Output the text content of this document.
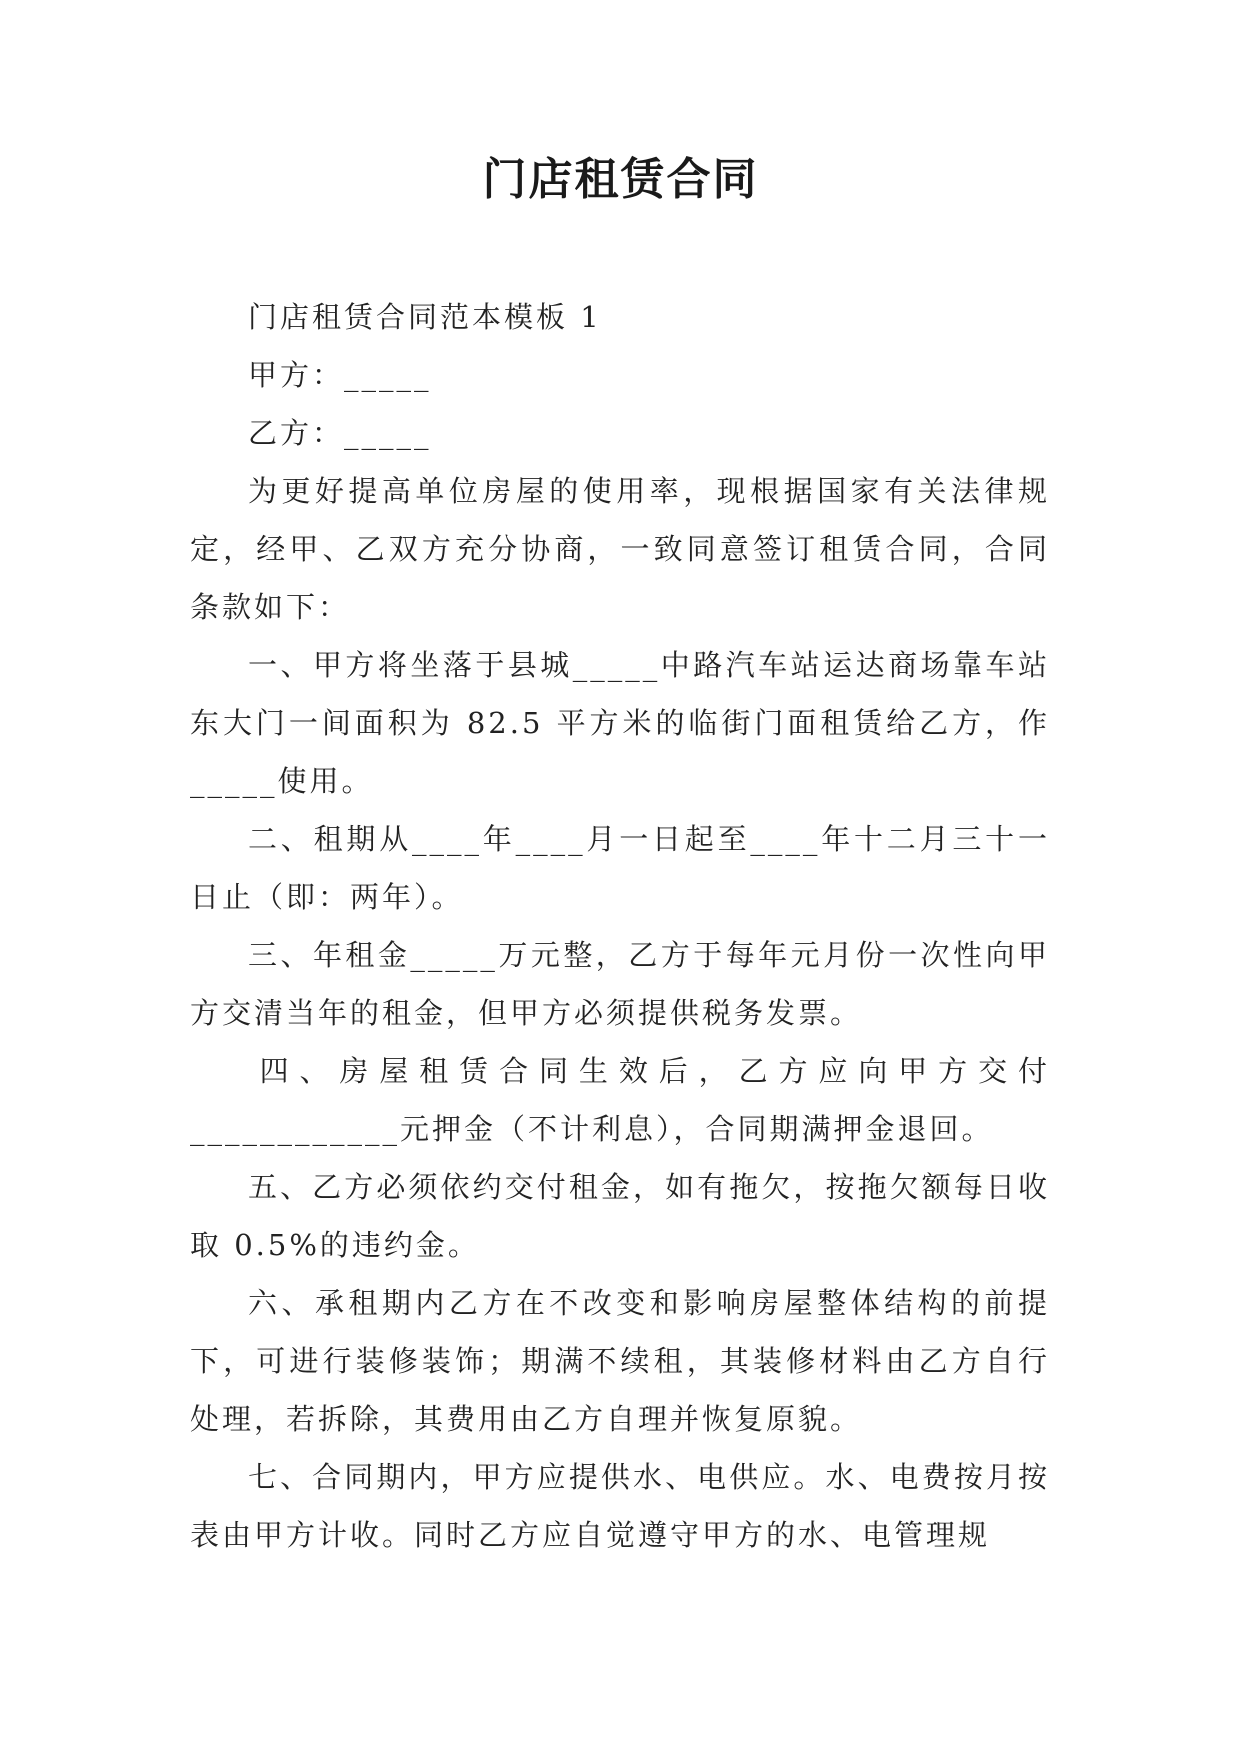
门店租赁合同

门店租赁合同范本模板 1

甲方：_____

乙方：_____

为更好提高单位房屋的使用率，现根据国家有关法律规定，经甲、乙双方充分协商，一致同意签订租赁合同，合同条款如下：

一、甲方将坐落于县城_____中路汽车站运达商场靠车站东大门一间面积为 82.5 平方米的临街门面租赁给乙方，作_____使用。

二、租期从____年____月一日起至____年十二月三十一日止（即：两年）。

三、年租金_____万元整，乙方于每年元月份一次性向甲方交清当年的租金，但甲方必须提供税务发票。

四、房屋租赁合同生效后，乙方应向甲方交付

____________元押金（不计利息），合同期满押金退回。

五、乙方必须依约交付租金，如有拖欠，按拖欠额每日收取 0.5%的违约金。

六、承租期内乙方在不改变和影响房屋整体结构的前提下，可进行装修装饰；期满不续租，其装修材料由乙方自行处理，若拆除，其费用由乙方自理并恢复原貌。

七、合同期内，甲方应提供水、电供应。水、电费按月按表由甲方计收。同时乙方应自觉遵守甲方的水、电管理规
